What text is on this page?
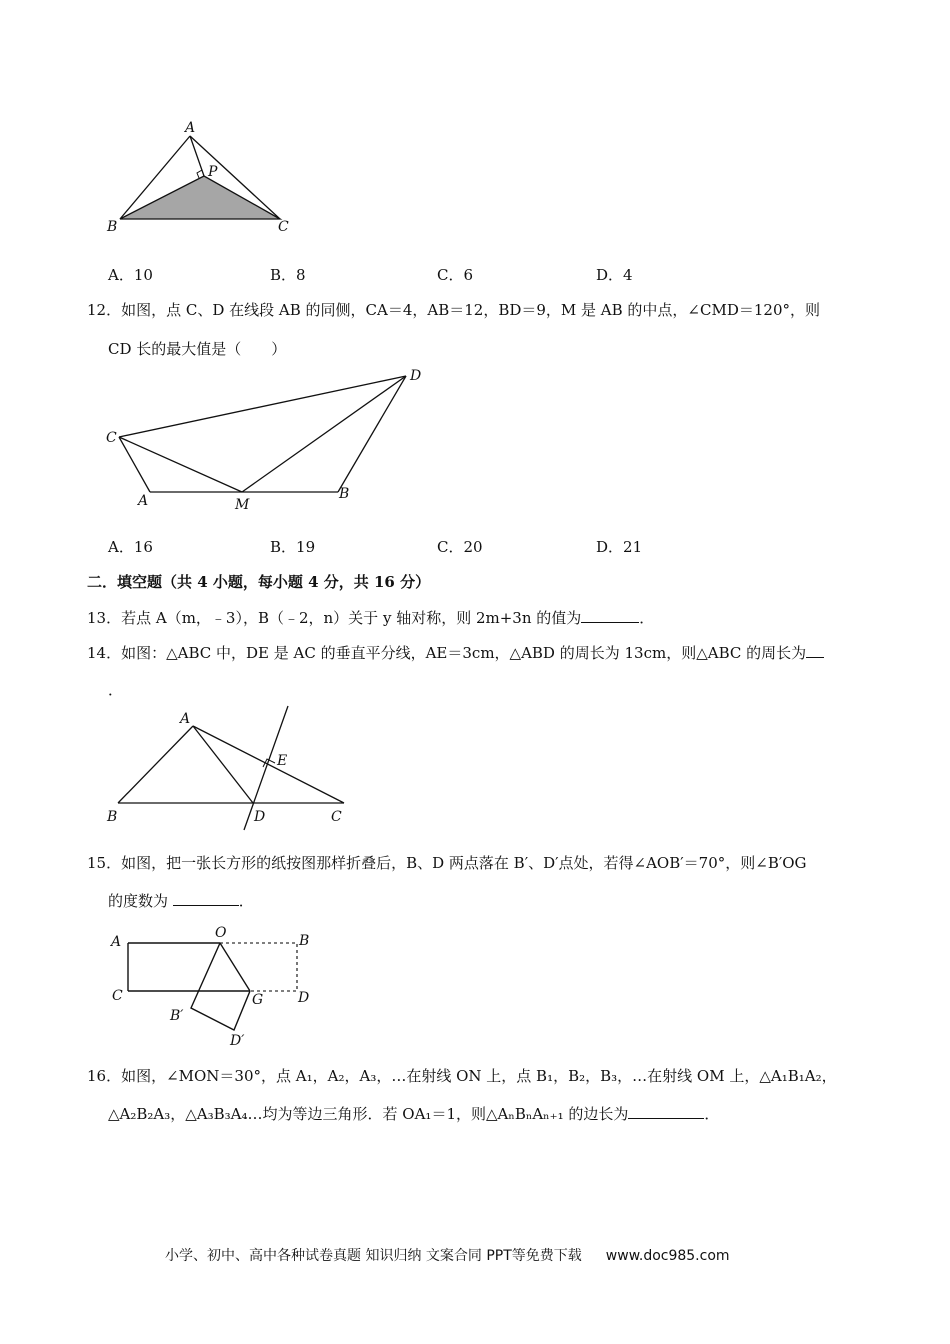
A
P
B	C
A．10	B．8	C．6	D．4
12．如图，点 C、D 在线段 AB 的同侧，CA＝4，AB＝12，BD＝9，M 是 AB 的中点，∠CMD＝120°，则
CD 长的最大值是（　　）
C
D
A	M
B
A．16	B．19	C．20	D．21
二．填空题（共 4 小题，每小题 4 分，共 16 分）
13．若点 A（m，﹣3），B（﹣2，n）关于 y 轴对称，则 2m+3n 的值为	．
14．如图：△ABC 中，DE 是 AC 的垂直平分线，AE＝3cm，△ABD 的周长为 13cm，则△ABC 的周长为
．
A
E
B	D	C
15．如图，把一张长方形的纸按图那样折叠后，B、D 两点落在 B′、D′点处，若得∠AOB′＝70°，则∠B′OG
的度数为	．
A
O	B
C	G D
B′
D′
16．如图，∠MON＝30°，点 A₁，A₂，A₃，…在射线 ON 上，点 B₁，B₂，B₃，…在射线 OM 上，△A₁B₁A₂，
△A₂B₂A₃，△A₃B₃A₄…均为等边三角形．若 OA₁＝1，则△AₙBₙAₙ₊₁ 的边长为	．
小学、初中、高中各种试卷真题 知识归纳 文案合同 PPT等免费下载 www.doc985.com
